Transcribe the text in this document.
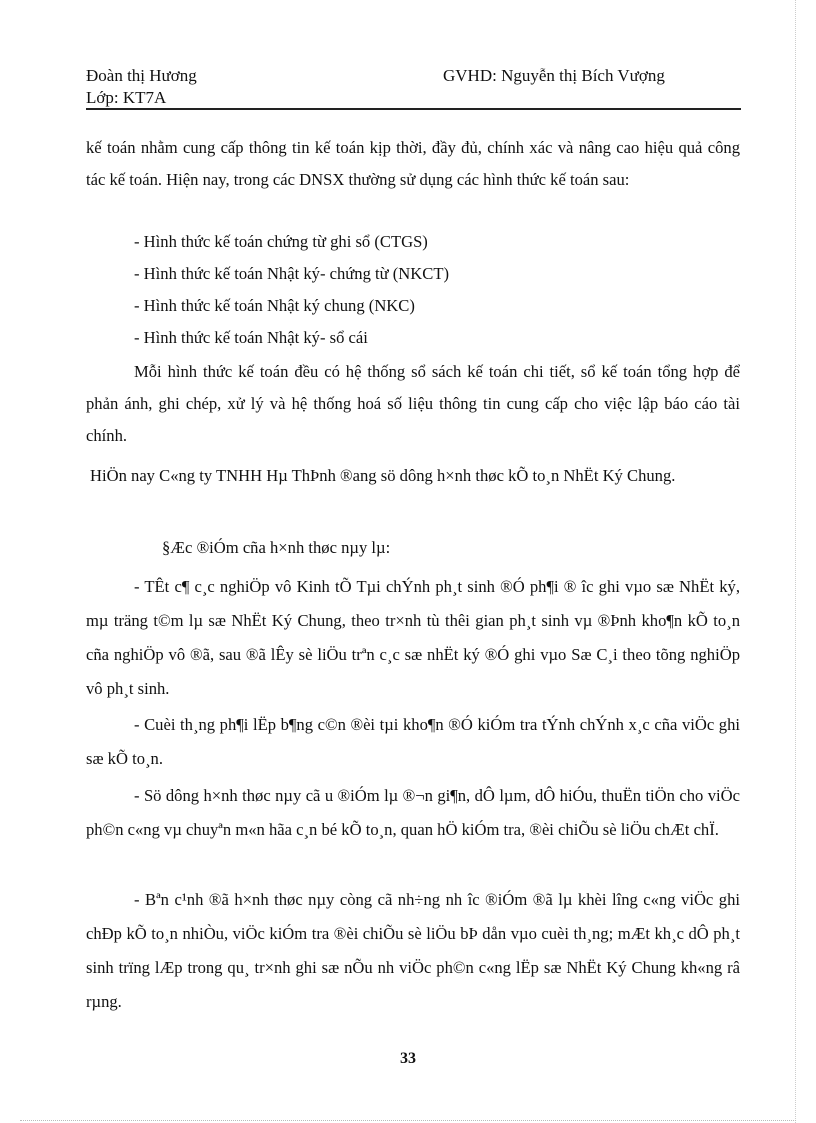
Đoàn thị Hương
Lớp: KT7A
GVHD: Nguyễn thị Bích Vượng
kế toán nhằm cung cấp thông tin kế toán kịp thời, đầy đủ, chính xác và nâng cao hiệu quả công tác kế toán. Hiện nay, trong các DNSX thường sử dụng các hình thức kế toán sau:
- Hình thức kế toán chứng từ ghi sổ (CTGS)
- Hình thức kế toán Nhật ký- chứng từ (NKCT)
- Hình thức kế toán Nhật ký chung (NKC)
- Hình thức kế toán Nhật ký- sổ cái
Mỗi hình thức kế toán đều có hệ thống sổ sách kế toán chi tiết, sổ kế toán tổng hợp để phản ánh, ghi chép, xử lý và hệ thống hoá số liệu thông tin cung cấp cho việc lập báo cáo tài chính.
HiÖn nay C«ng ty TNHH Hµ ThÞnh ®ang sö dông h×nh thøc kÕ to¸n NhËt Ký Chung.
§Æc ®iÓm cña h×nh thøc nµy lµ:
- TÊt c¶ c¸c nghiÖp vô Kinh tÕ Tµi chÝnh ph¸t sinh ®Ó ph¶i ® îc ghi vµo sæ NhËt ký, mµ träng t©m lµ sæ NhËt Ký Chung, theo tr×nh tù thêi gian ph¸t sinh vµ ®Þnh kho¶n kÕ to¸n cña nghiÖp vô ®ã, sau ®ã lÊy sè liÖu trªn c¸c sæ nhËt ký ®Ó ghi vµo Sæ C¸i theo tõng nghiÖp vô ph¸t sinh.
- Cuèi th¸ng ph¶i lËp b¶ng c©n ®èi tµi kho¶n ®Ó kiÓm tra tÝnh chÝnh x¸c cña viÖc ghi sæ kÕ to¸n.
- Sö dông h×nh thøc nµy cã u ®iÓm lµ ®¬n gi¶n, dÔ lµm, dÔ hiÓu, thuËn tiÖn cho viÖc ph©n c«ng vµ chuyªn m«n hãa c¸n bé kÕ to¸n, quan hÖ kiÓm tra, ®èi chiÕu sè liÖu chÆt chÏ.
- Bªn c¹nh ®ã h×nh thøc nµy còng cã nh÷ng nh îc ®iÓm ®ã lµ khèi lîng c«ng viÖc ghi chÐp kÕ to¸n nhiÒu, viÖc kiÓm tra ®èi chiÕu sè liÖu bÞ dån vµo cuèi th¸ng; mÆt kh¸c dÔ ph¸t sinh trïng lÆp trong qu¸ tr×nh ghi sæ nÕu nh viÖc ph©n c«ng lËp sæ NhËt Ký Chung kh«ng râ rµng.
33
